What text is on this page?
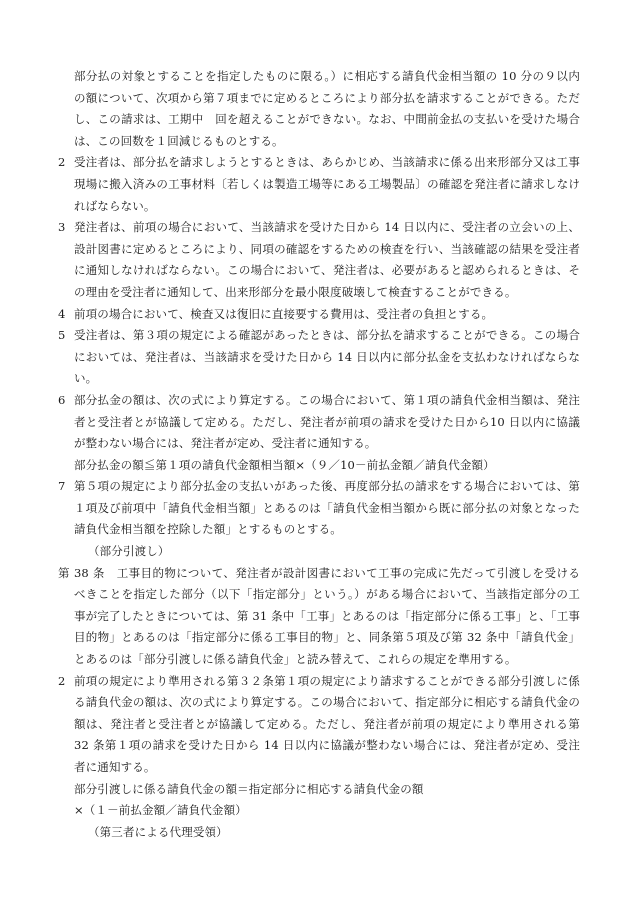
部分払の対象とすることを指定したものに限る。）に相応する請負代金相当額の 10 分の９以内の額について、次項から第７項までに定めるところにより部分払を請求することができる。ただし、この請求は、工期中　回を超えることができない。なお、中間前金払の支払いを受けた場合は、この回数を１回減じるものとする。

2 受注者は、部分払を請求しようとするときは、あらかじめ、当該請求に係る出来形部分又は工事現場に搬入済みの工事材料〔若しくは製造工場等にある工場製品〕の確認を発注者に請求しなければならない。

3 発注者は、前項の場合において、当該請求を受けた日から 14 日以内に、受注者の立会いの上、設計図書に定めるところにより、同項の確認をするための検査を行い、当該確認の結果を受注者に通知しなければならない。この場合において、発注者は、必要があると認められるときは、その理由を受注者に通知して、出来形部分を最小限度破壊して検査することができる。

4 前項の場合において、検査又は復旧に直接要する費用は、受注者の負担とする。

5 受注者は、第３項の規定による確認があったときは、部分払を請求することができる。この場合においては、発注者は、当該請求を受けた日から 14 日以内に部分払金を支払わなければならない。

6 部分払金の額は、次の式により算定する。この場合において、第１項の請負代金相当額は、発注者と受注者とが協議して定める。ただし、発注者が前項の請求を受けた日から10 日以内に協議が整わない場合には、発注者が定め、受注者に通知する。

部分払金の額≦第１項の請負代金額相当額×（９／10－前払金額／請負代金額）

7 第５項の規定により部分払金の支払いがあった後、再度部分払の請求をする場合においては、第１項及び前項中「請負代金相当額」とあるのは「請負代金相当額から既に部分払の対象となった請負代金相当額を控除した額」とするものとする。

（部分引渡し）

第 38 条　 工事目的物について、発注者が設計図書において工事の完成に先だって引渡しを受けるべきことを指定した部分（以下「指定部分」という。）がある場合において、当該指定部分の工事が完了したときについては、第 31 条中「工事」とあるのは「指定部分に係る工事」と、「工事目的物」とあるのは「指定部分に係る工事目的物」と、同条第５項及び第 32 条中「請負代金」とあるのは「部分引渡しに係る請負代金」と読み替えて、これらの規定を準用する。

2 前項の規定により準用される第３２条第１項の規定により請求することができる部分引渡しに係る請負代金の額は、次の式により算定する。この場合において、指定部分に相応する請負代金の額は、発注者と受注者とが協議して定める。ただし、発注者が前項の規定により準用される第 32 条第１項の請求を受けた日から 14 日以内に協議が整わない場合には、発注者が定め、受注者に通知する。

部分引渡しに係る請負代金の額＝指定部分に相応する請負代金の額

×（１－前払金額／請負代金額）

（第三者による代理受領）
